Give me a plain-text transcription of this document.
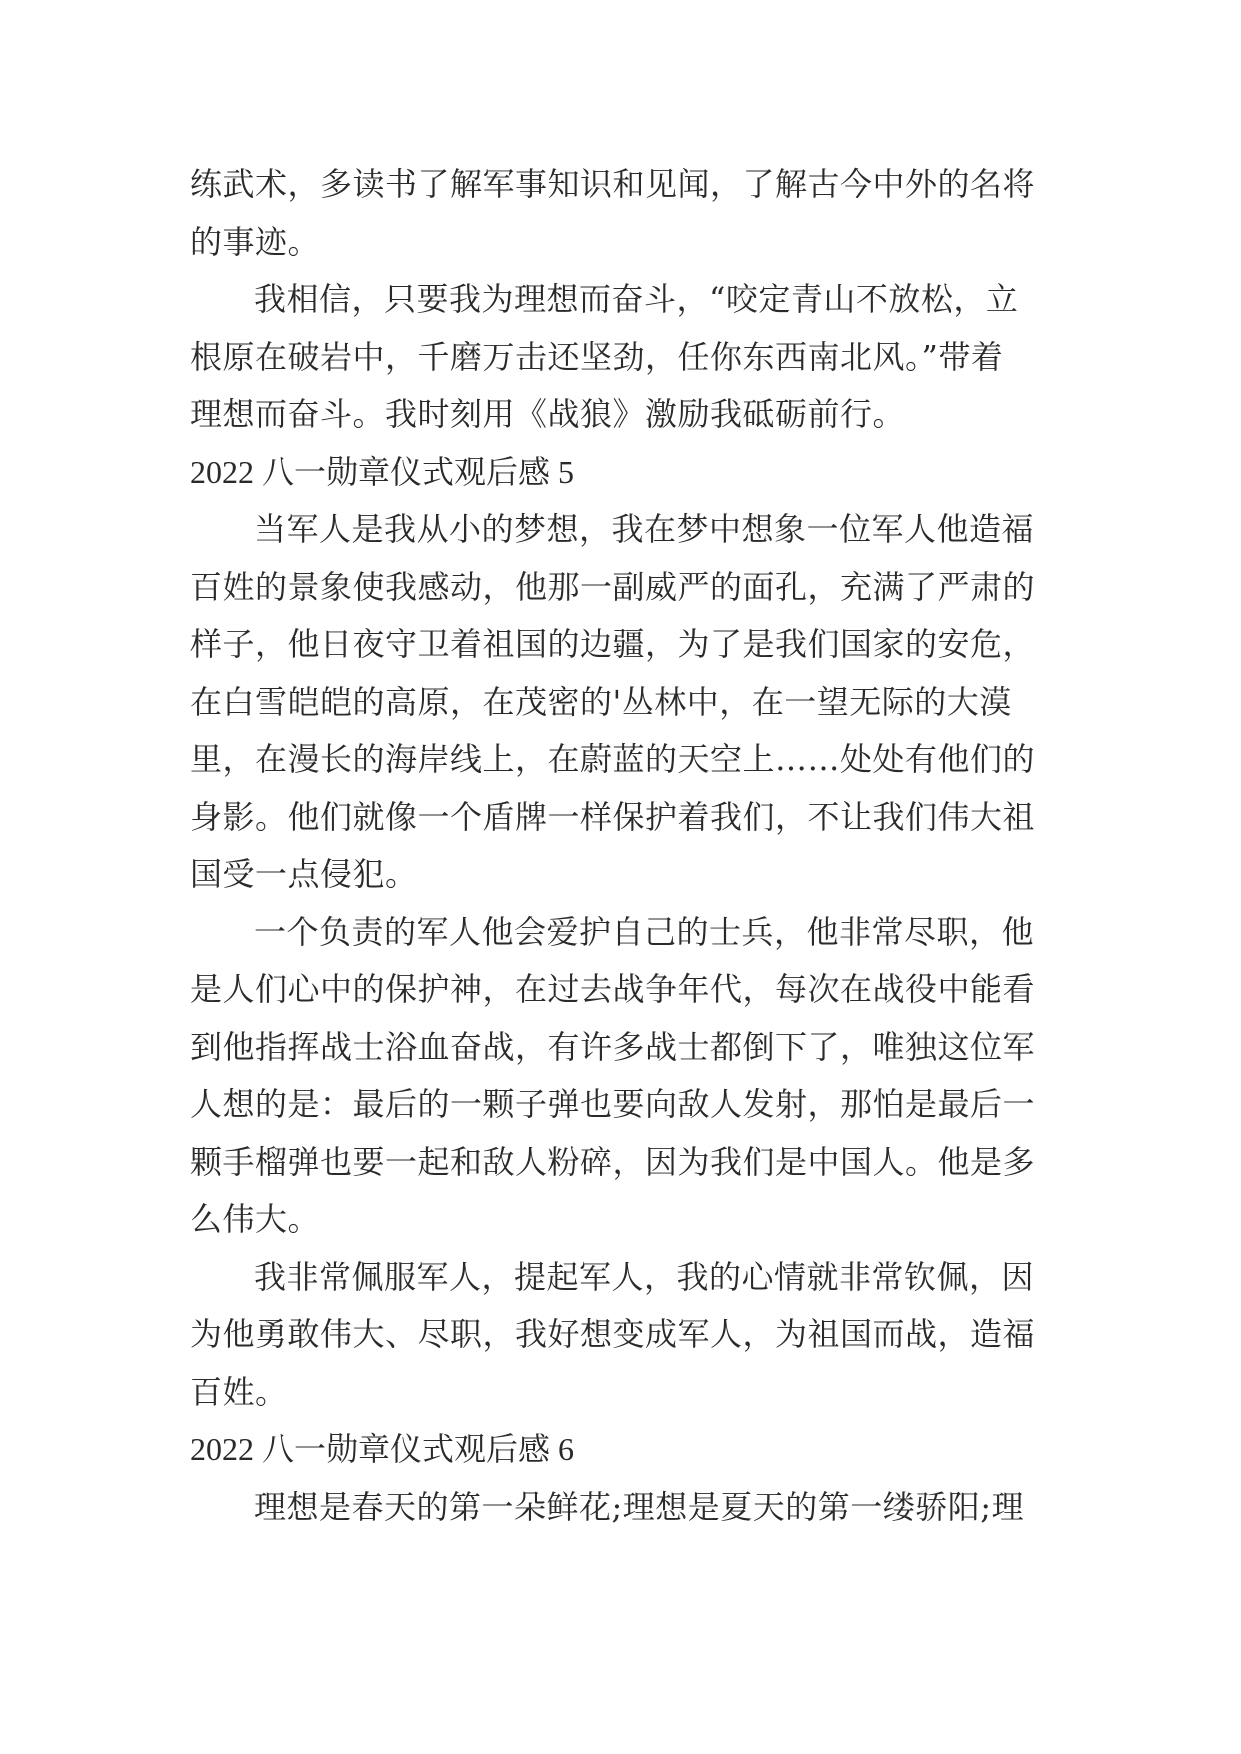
练武术，多读书了解军事知识和见闻，了解古今中外的名将
的事迹。
我相信，只要我为理想而奋斗，“咬定青山不放松，立
根原在破岩中，千磨万击还坚劲，任你东西南北风。”带着
理想而奋斗。我时刻用《战狼》激励我砥砺前行。
2022 八一勋章仪式观后感 5
当军人是我从小的梦想，我在梦中想象一位军人他造福
百姓的景象使我感动，他那一副威严的面孔，充满了严肃的
样子，他日夜守卫着祖国的边疆，为了是我们国家的安危，
在白雪皑皑的高原，在茂密的'丛林中，在一望无际的大漠
里，在漫长的海岸线上，在蔚蓝的天空上……处处有他们的
身影。他们就像一个盾牌一样保护着我们，不让我们伟大祖
国受一点侵犯。
一个负责的军人他会爱护自己的士兵，他非常尽职，他
是人们心中的保护神，在过去战争年代，每次在战役中能看
到他指挥战士浴血奋战，有许多战士都倒下了，唯独这位军
人想的是：最后的一颗子弹也要向敌人发射，那怕是最后一
颗手榴弹也要一起和敌人粉碎，因为我们是中国人。他是多
么伟大。
我非常佩服军人，提起军人，我的心情就非常钦佩，因
为他勇敢伟大、尽职，我好想变成军人，为祖国而战，造福
百姓。
2022 八一勋章仪式观后感 6
理想是春天的第一朵鲜花;理想是夏天的第一缕骄阳;理
